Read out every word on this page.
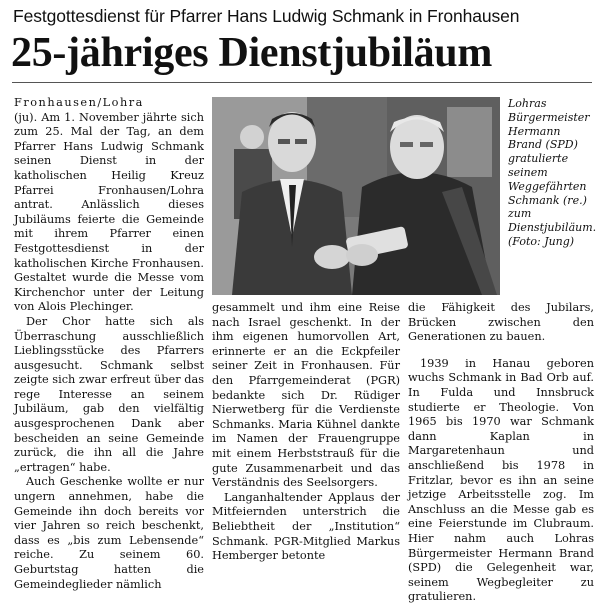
Festgottesdienst für Pfarrer Hans Ludwig Schmank in Fronhausen
25-jähriges Dienstjubiläum

Fronhausen/Lohra
(ju). Am 1. November jährte sich zum 25. Mal der Tag, an dem Pfarrer Hans Ludwig Schmank seinen Dienst in der katholischen Heilig Kreuz Pfarrei Fronhausen/Lohra antrat. Anlässlich dieses Jubiläums feierte die Gemeinde mit ihrem Pfarrer einen Festgottesdienst in der katholischen Kirche Fronhausen. Gestaltet wurde die Messe vom Kirchenchor unter der Leitung von Alois Plechinger.

Der Chor hatte sich als Überraschung ausschließlich Lieblingsstücke des Pfarrers ausgesucht. Schmank selbst zeigte sich zwar erfreut über das rege Interesse an seinem Jubiläum, gab den vielfältig ausgesprochenen Dank aber bescheiden an seine Gemeinde zurück, die ihn all die Jahre „ertragen“ habe.

Auch Geschenke wollte er nur ungern annehmen, habe die Gemeinde ihn doch bereits vor vier Jahren so reich beschenkt, dass es „bis zum Lebensende“ reiche. Zu seinem 60. Geburtstag hatten die Gemeindeglieder nämlich

Lohras Bürgermeister Hermann Brand (SPD) gratulierte seinem Weggefährten Schmank (re.) zum Dienstjubiläum. (Foto: Jung)

gesammelt und ihm eine Reise nach Israel geschenkt. In der ihm eigenen humorvollen Art, erinnerte er an die Eckpfeiler seiner Zeit in Fronhausen. Für den Pfarrgemeinderat (PGR) bedankte sich Dr. Rüdiger Nierwetberg für die Verdienste Schmanks. Maria Kühnel dankte im Namen der Frauengruppe mit einem Herbststrauß für die gute Zusammenarbeit und das Verständnis des Seelsorgers.

Langanhaltender Applaus der Mitfeiernden unterstrich die Beliebtheit der „Institution“ Schmank. PGR-Mitglied Markus Hemberger betonte

die Fähigkeit des Jubilars, Brücken zwischen den Generationen zu bauen.

1939 in Hanau geboren wuchs Schmank in Bad Orb auf. In Fulda und Innsbruck studierte er Theologie. Von 1965 bis 1970 war Schmank dann Kaplan in Margaretenhaun und anschließend bis 1978 in Fritzlar, bevor es ihn an seine jetzige Arbeitsstelle zog. Im Anschluss an die Messe gab es eine Feierstunde im Clubraum. Hier nahm auch Lohras Bürgermeister Hermann Brand (SPD) die Gelegenheit war, seinem Wegbegleiter zu gratulieren.
